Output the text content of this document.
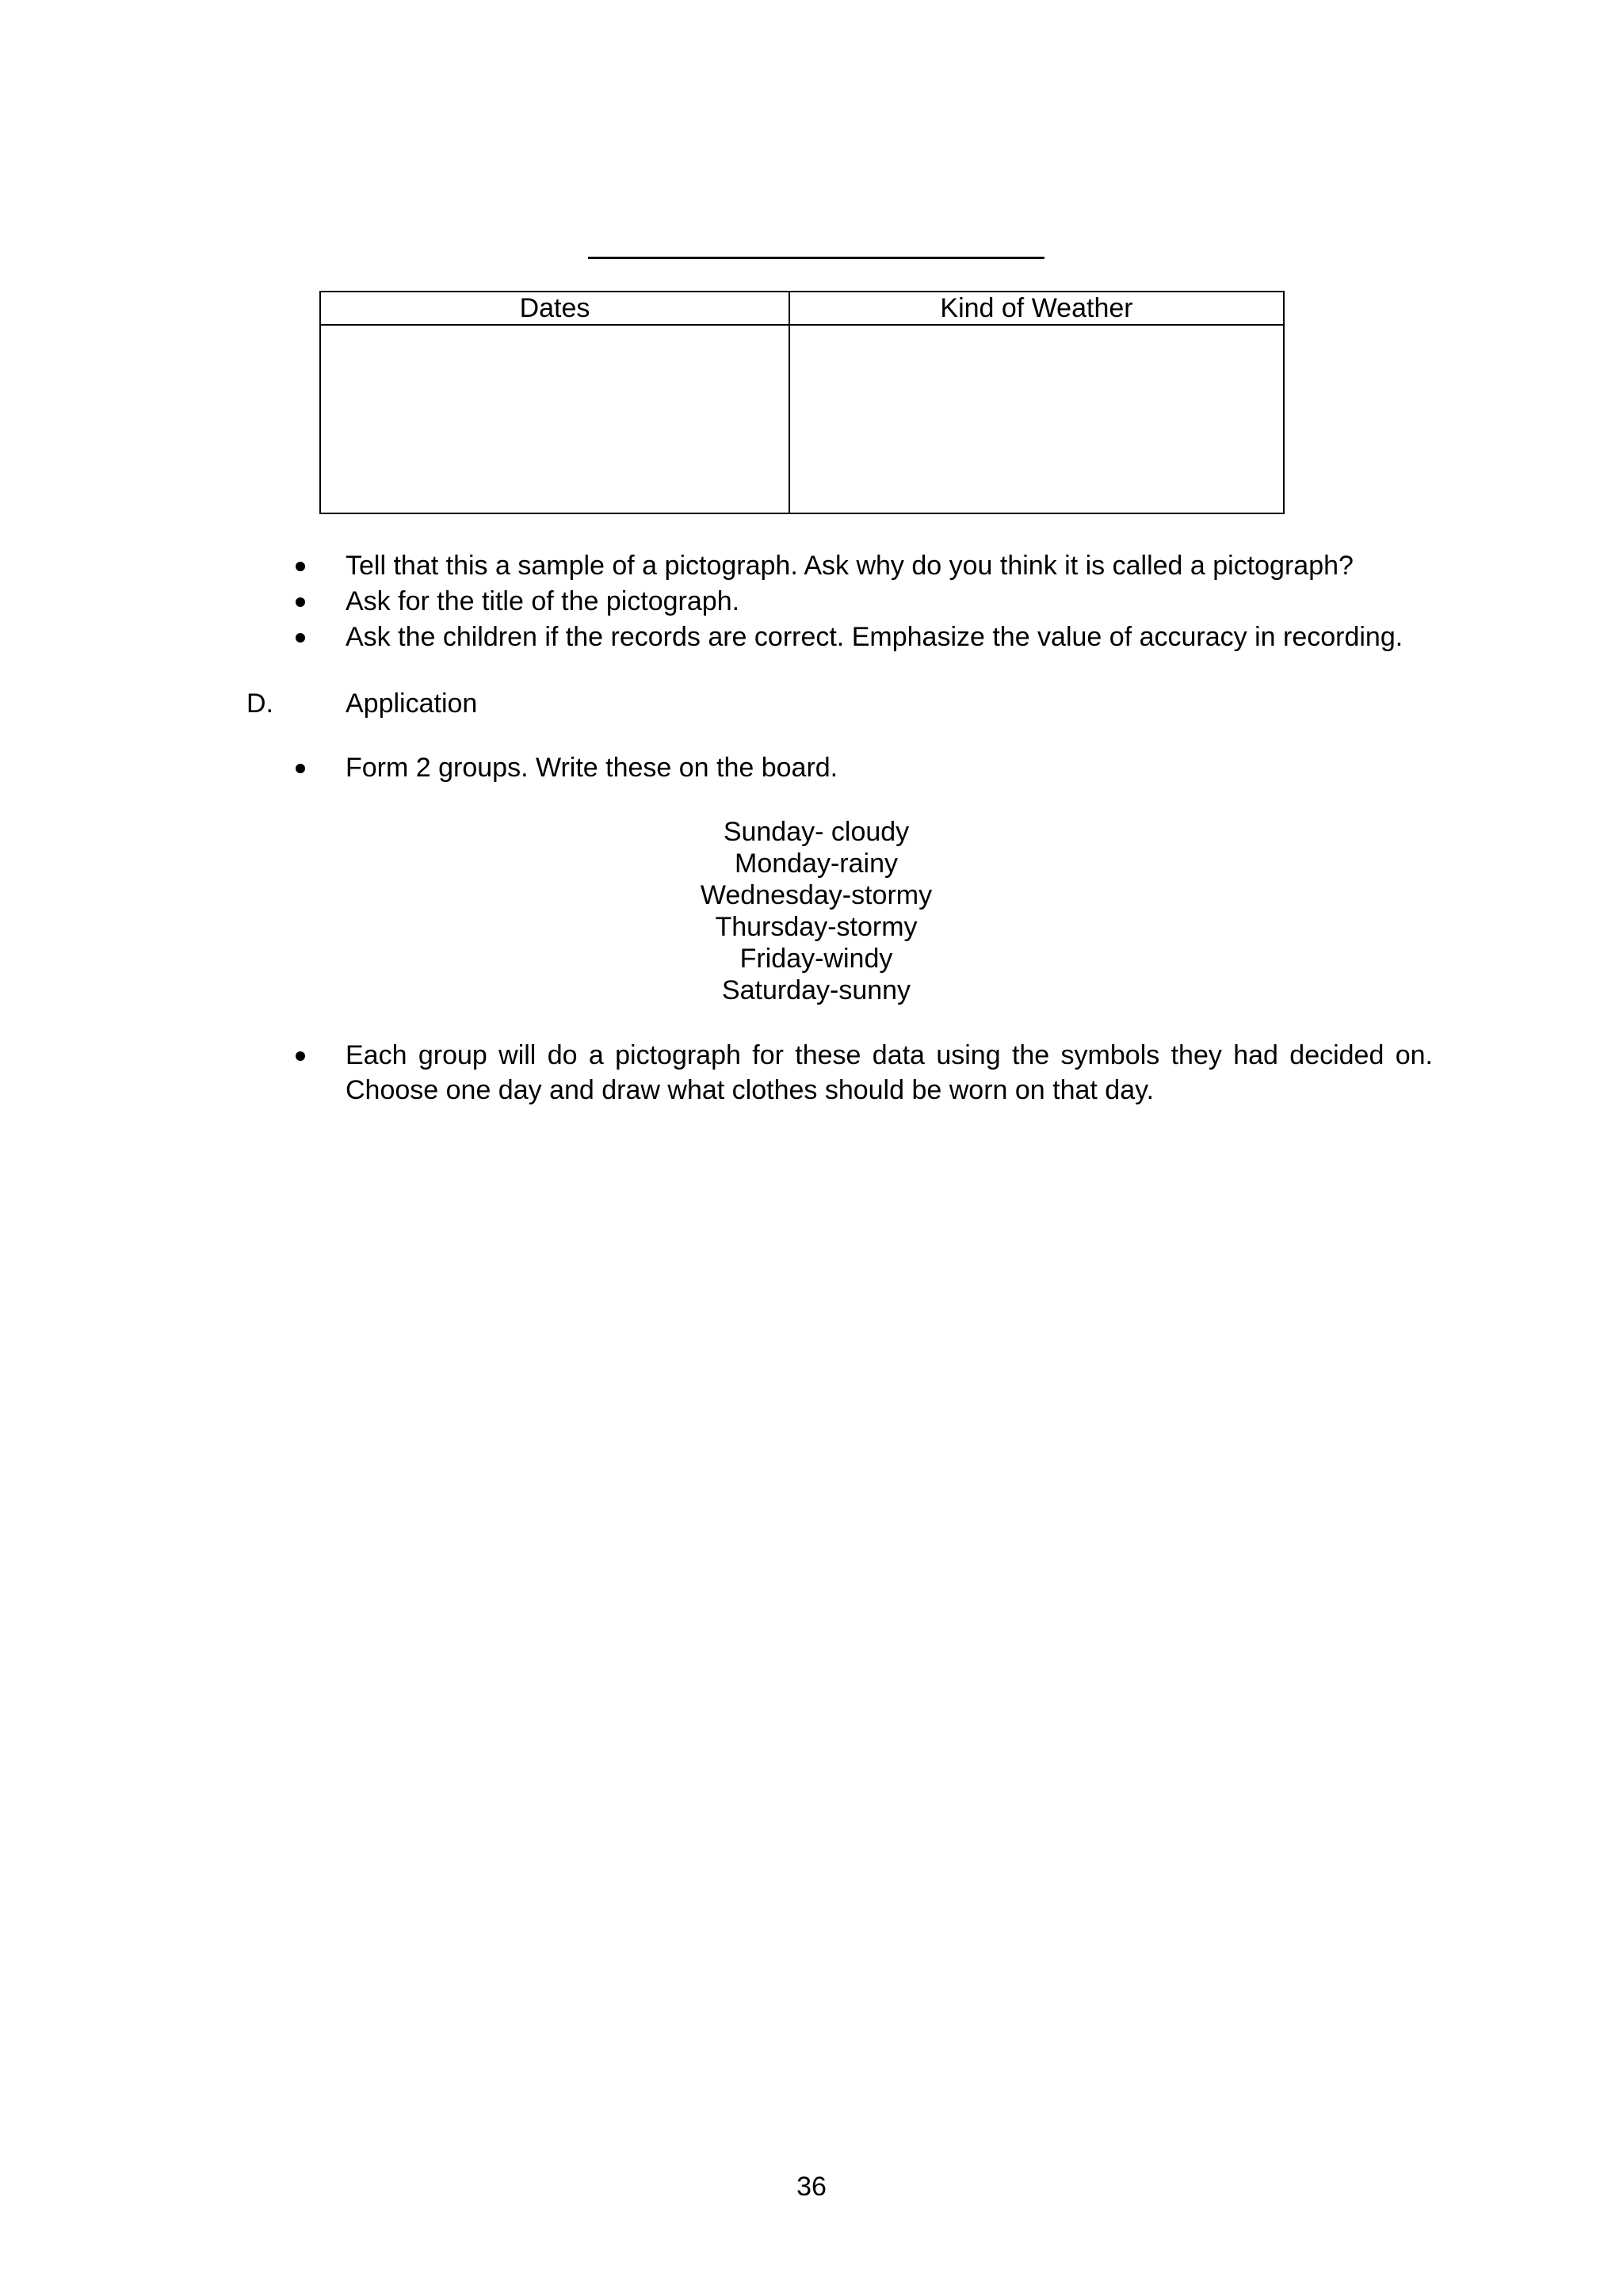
Dates	Kind of Weather

Tell that this a sample of a pictograph. Ask why do you think it is called a pictograph?
Ask for the title of the pictograph.
Ask the children if the records are correct. Emphasize the value of accuracy in recording.
D.	Application
Form 2 groups. Write these on the board.
Sunday- cloudy
Monday-rainy
Wednesday-stormy
Thursday-stormy
Friday-windy
Saturday-sunny
Each group will do a pictograph for these data using the symbols they had decided on.
Choose one day and draw what clothes should be worn on that day.
36
